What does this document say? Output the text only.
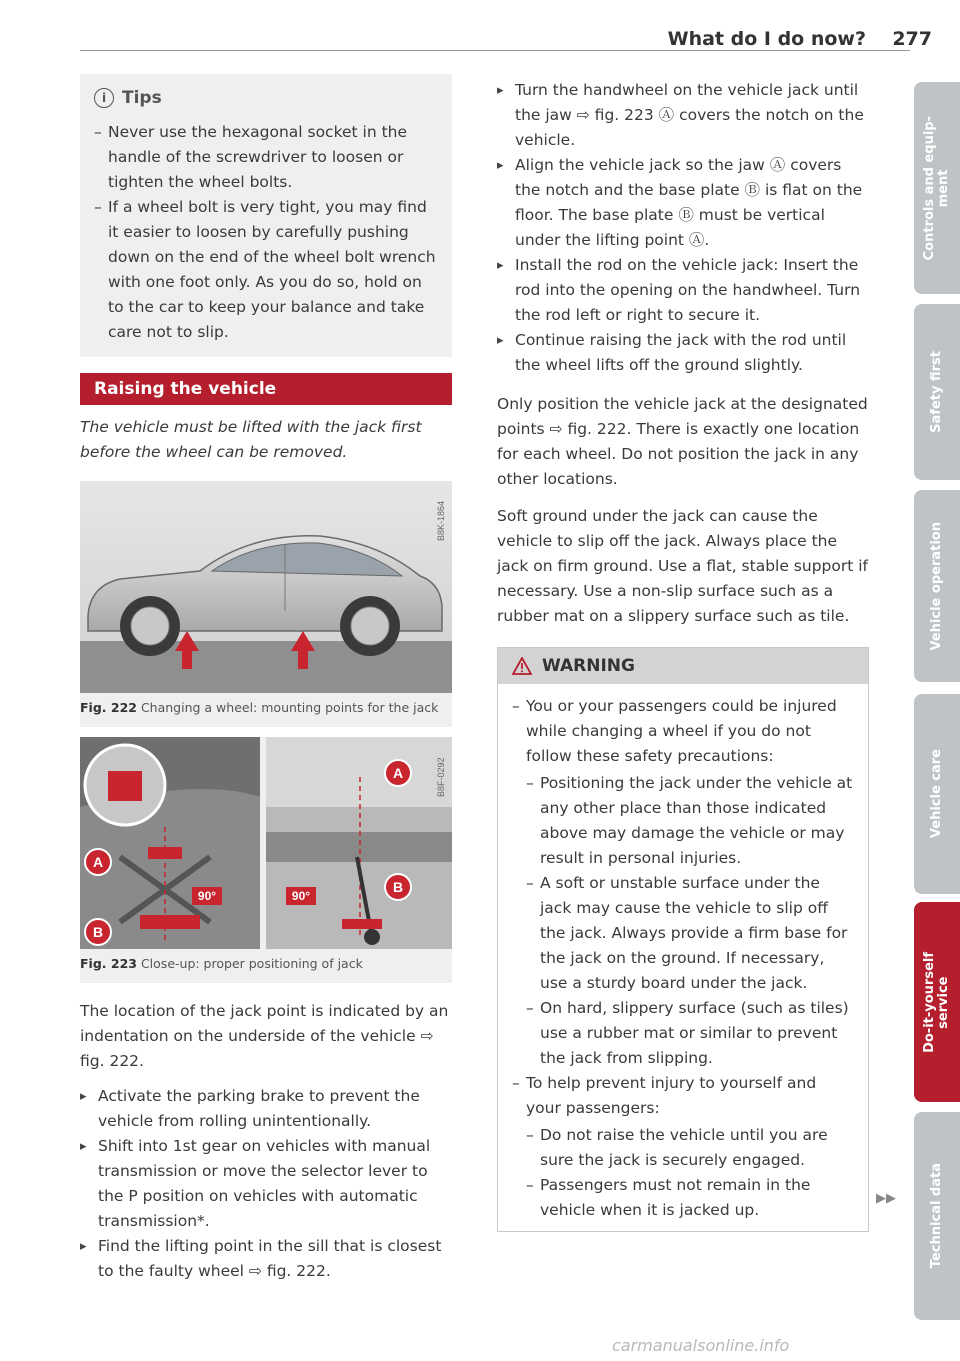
What do I do now? 277
i Tips
– Never use the hexagonal socket in the handle of the screwdriver to loosen or tighten the wheel bolts.
– If a wheel bolt is very tight, you may find it easier to loosen by carefully pushing down on the end of the wheel bolt wrench with one foot only. As you do so, hold on to the car to keep your balance and take care not to slip.
Raising the vehicle
The vehicle must be lifted with the jack first before the wheel can be removed.
B8K-1864
Fig. 222 Changing a wheel: mounting points for the jack
90°
A
B
90°
A
B
B8F-0292
Fig. 223 Close-up: proper positioning of jack

The location of the jack point is indicated by an indentation on the underside of the vehicle ⇨ fig. 222.

▸ Activate the parking brake to prevent the vehicle from rolling unintentionally.
▸ Shift into 1st gear on vehicles with manual transmission or move the selector lever to the P position on vehicles with automatic transmission*.
▸ Find the lifting point in the sill that is closest to the faulty wheel ⇨ fig. 222.
▸ Turn the handwheel on the vehicle jack until the jaw ⇨ fig. 223 Ⓐ covers the notch on the vehicle.
▸ Align the vehicle jack so the jaw Ⓐ covers the notch and the base plate Ⓑ is flat on the floor. The base plate Ⓑ must be vertical under the lifting point Ⓐ.
▸ Install the rod on the vehicle jack: Insert the rod into the opening on the handwheel. Turn the rod left or right to secure it.
▸ Continue raising the jack with the rod until the wheel lifts off the ground slightly.

Only position the vehicle jack at the designated points ⇨ fig. 222. There is exactly one location for each wheel. Do not position the jack in any other locations.

Soft ground under the jack can cause the vehicle to slip off the jack. Always place the jack on firm ground. Use a flat, stable support if necessary. Use a non-slip surface such as a rubber mat on a slippery surface such as tile.

WARNING
– You or your passengers could be injured while changing a wheel if you do not follow these safety precautions:
– Positioning the jack under the vehicle at any other place than those indicated above may damage the vehicle or may result in personal injuries.
– A soft or unstable surface under the jack may cause the vehicle to slip off the jack. Always provide a firm base for the jack on the ground. If necessary, use a sturdy board under the jack.
– On hard, slippery surface (such as tiles) use a rubber mat or similar to prevent the jack from slipping.
– To help prevent injury to yourself and your passengers:
– Do not raise the vehicle until you are sure the jack is securely engaged.
– Passengers must not remain in the vehicle when it is jacked up.
▶▶
Controls and equip-
ment
Safety first
Vehicle operation
Vehicle care
Do-it-yourself
service
Technical data
carmanualsonline.info
